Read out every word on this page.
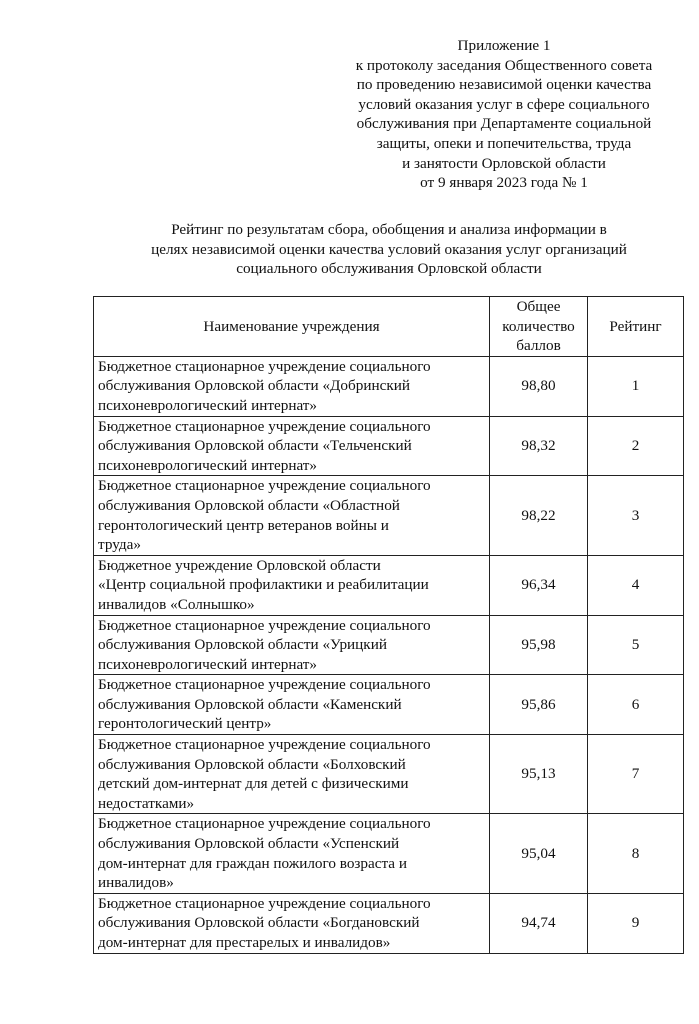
Приложение 1
к протоколу заседания Общественного совета
по проведению независимой оценки качества
условий оказания услуг в сфере социального
обслуживания при Департаменте социальной
защиты, опеки и попечительства, труда
и занятости Орловской области
от 9 января 2023 года № 1
Рейтинг по результатам сбора, обобщения и анализа информации в
целях независимой оценки качества условий оказания услуг организаций
социального обслуживания Орловской области
Наименование учреждения	Общее
количество
баллов	Рейтинг

Бюджетное стационарное учреждение социального
обслуживания Орловской области «Добринский
психоневрологический интернат»	98,80	1

Бюджетное стационарное учреждение социального
обслуживания Орловской области «Тельченский
психоневрологический интернат»	98,32	2

Бюджетное стационарное учреждение социального
обслуживания Орловской области «Областной
геронтологический центр ветеранов войны и
труда»	98,22	3

Бюджетное учреждение Орловской области
«Центр социальной профилактики и реабилитации
инвалидов «Солнышко»	96,34	4

Бюджетное стационарное учреждение социального
обслуживания Орловской области «Урицкий
психоневрологический интернат»	95,98	5

Бюджетное стационарное учреждение социального
обслуживания Орловской области «Каменский
геронтологический центр»	95,86	6

Бюджетное стационарное учреждение социального
обслуживания Орловской области «Болховский
детский дом-интернат для детей с физическими
недостатками»	95,13	7

Бюджетное стационарное учреждение социального
обслуживания Орловской области «Успенский
дом-интернат для граждан пожилого возраста и
инвалидов»	95,04	8

Бюджетное стационарное учреждение социального
обслуживания Орловской области «Богдановский
дом-интернат для престарелых и инвалидов»	94,74	9
